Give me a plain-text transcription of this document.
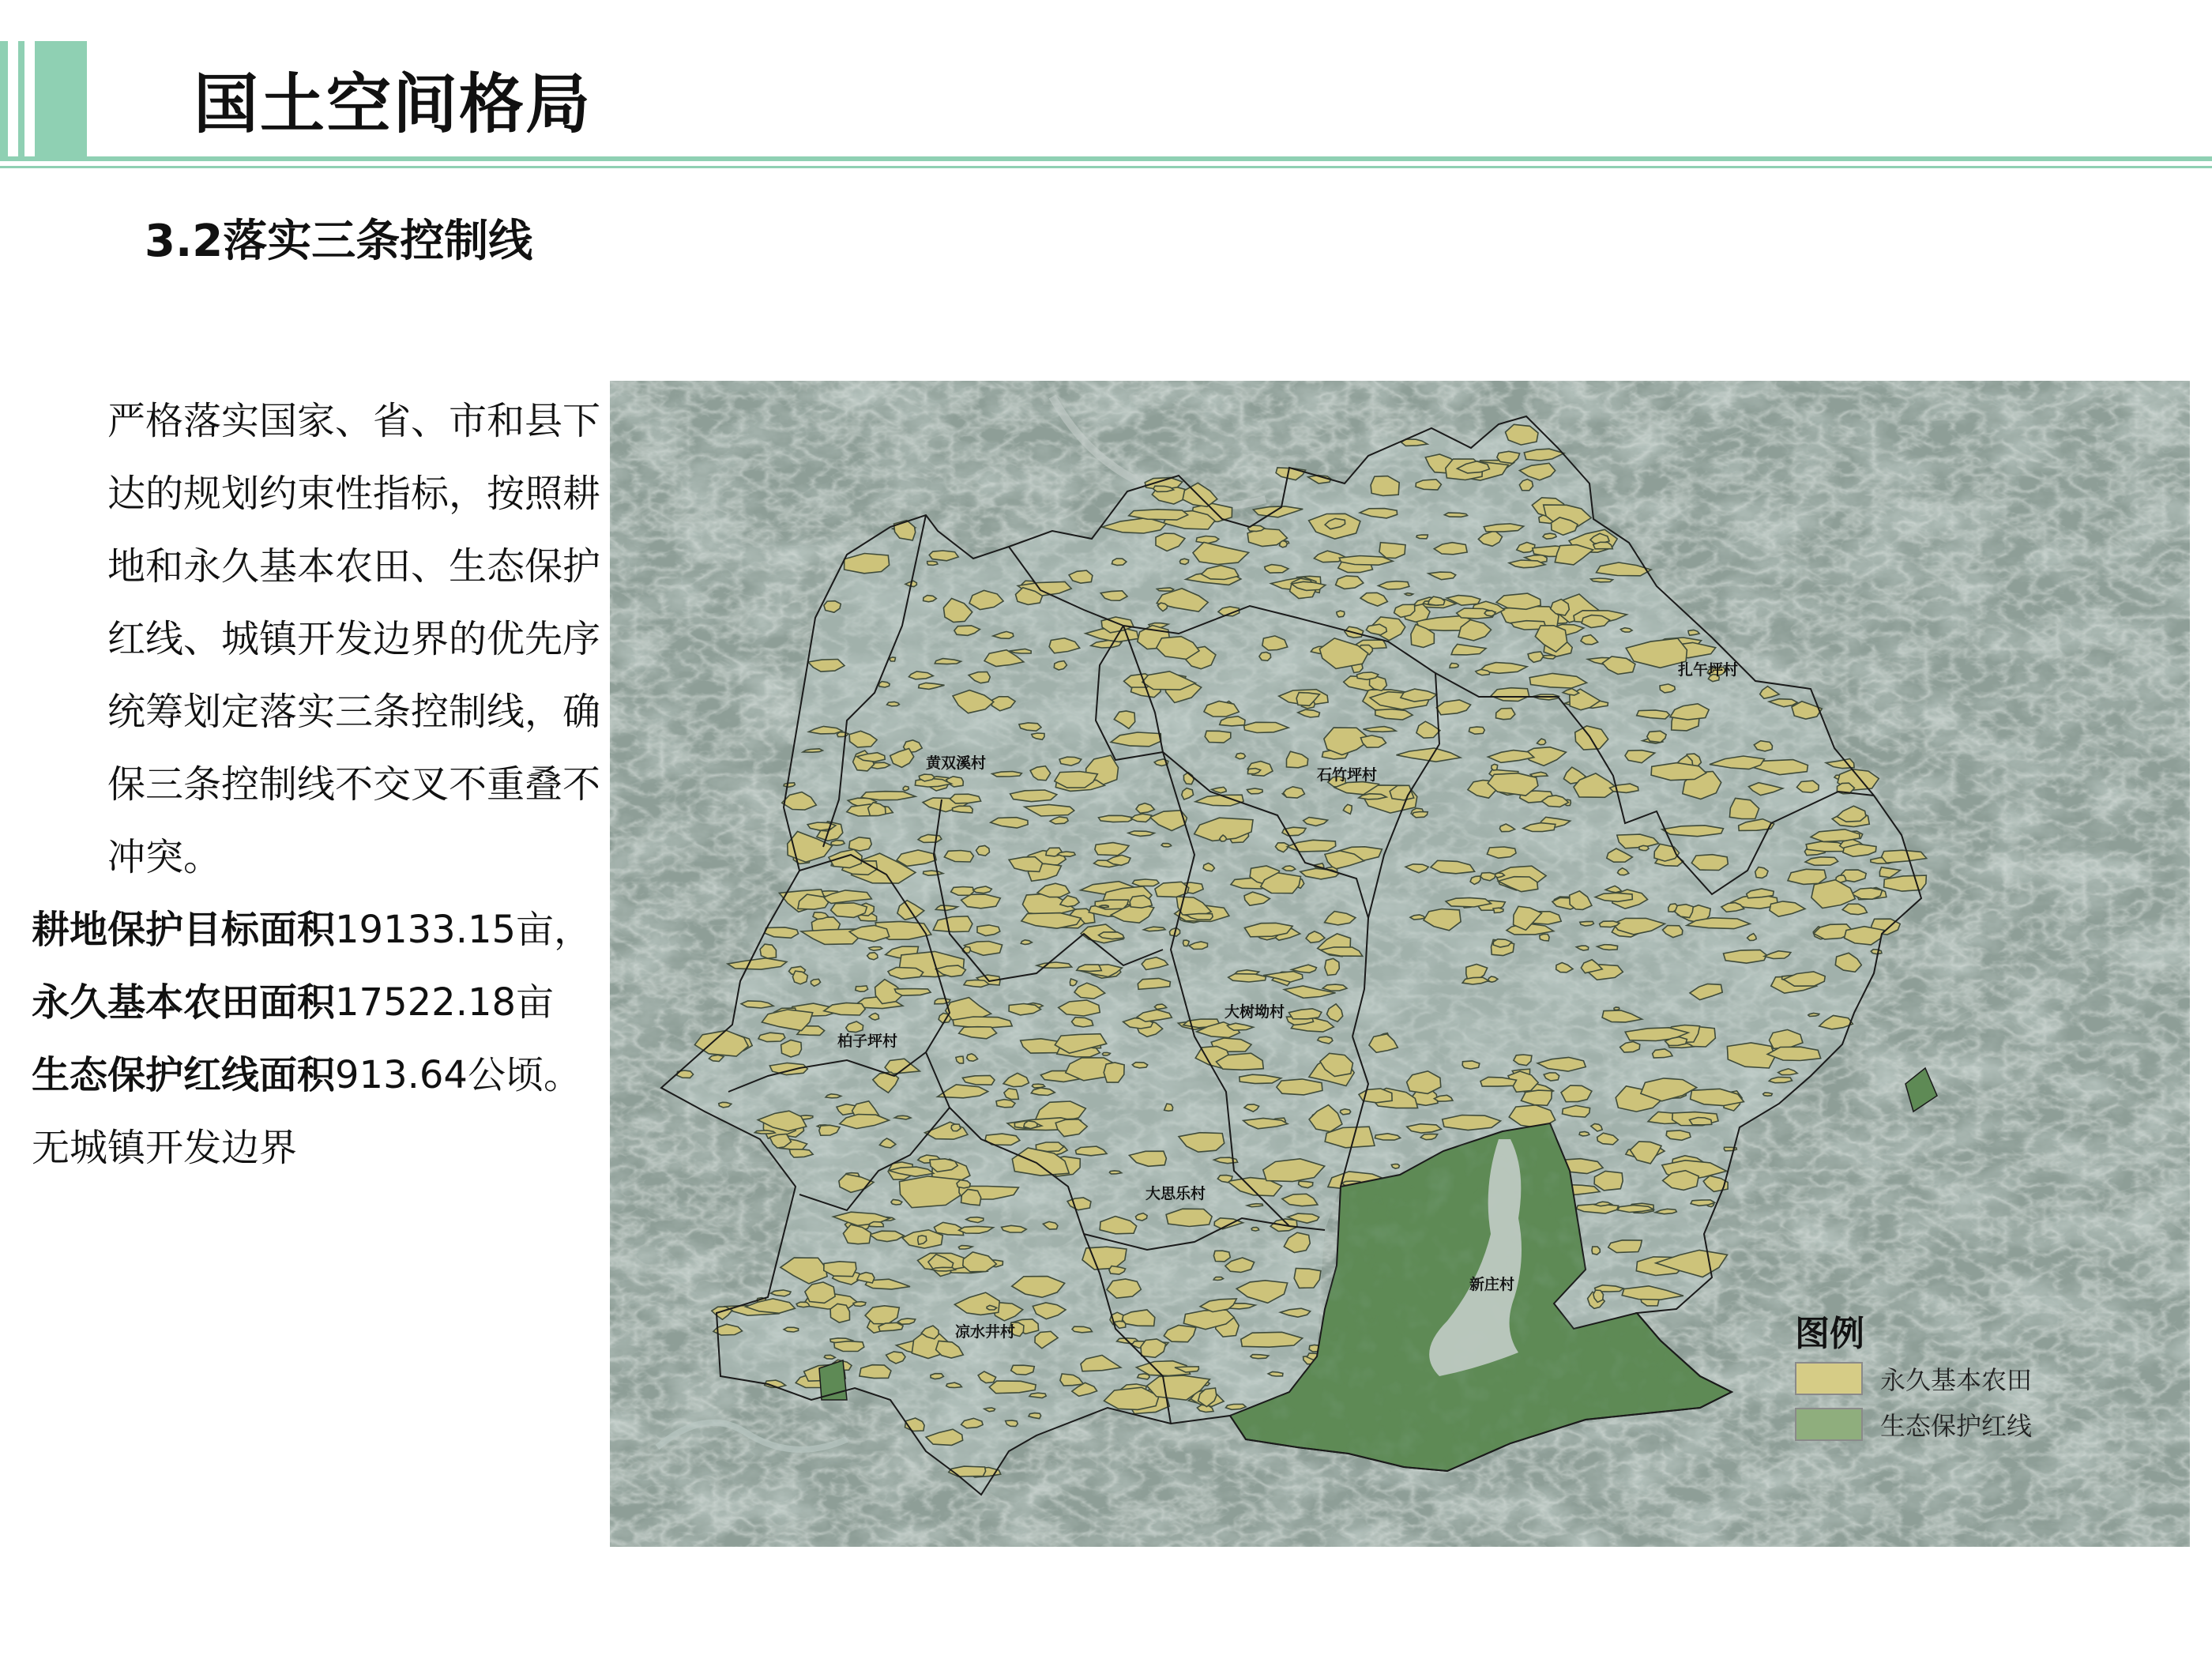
国土空间格局
3.2落实三条控制线

严格落实国家、省、市和县下达的规划约束性指标，按照耕地和永久基本农田、生态保护红线、城镇开发边界的优先序统筹划定落实三条控制线，确保三条控制线不交叉不重叠不冲突。

耕地保护目标面积19133.15亩，

永久基本农田面积17522.18亩

生态保护红线面积913.64公顷。

无城镇开发边界

黄双溪村
石竹坪村
扎午坪村
大树坳村
柏子坪村
大思乐村
新庄村
凉水井村	图例
永久基本农田
生态保护红线
